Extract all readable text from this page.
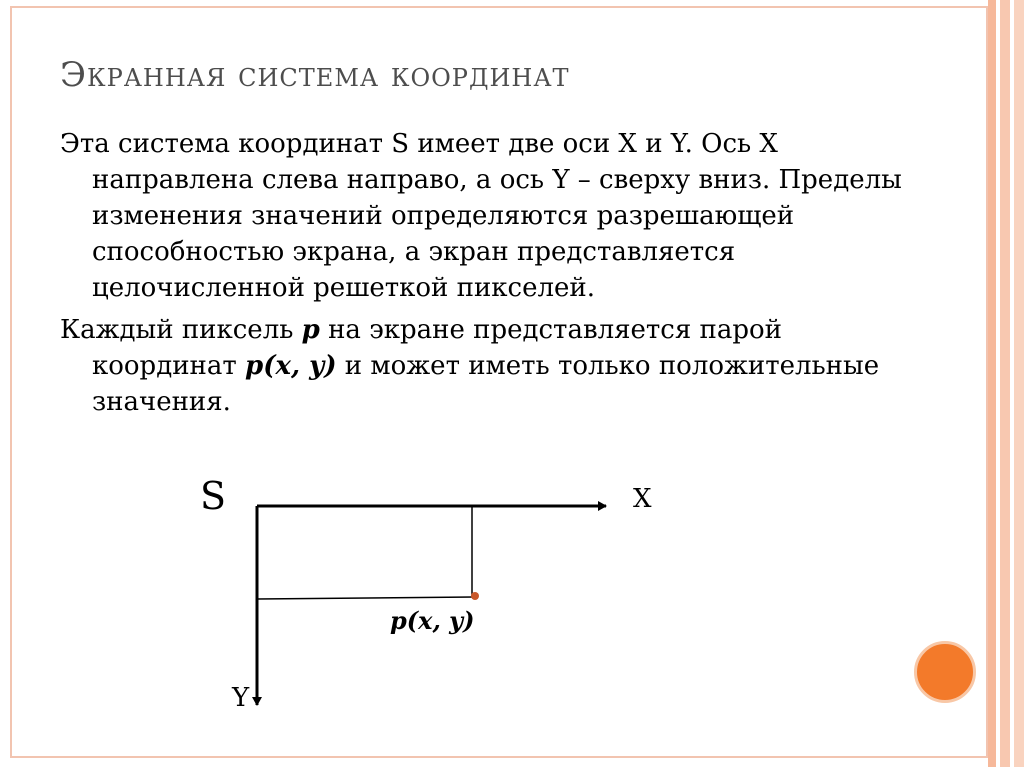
Экранная система координат

Эта система координат S имеет две оси X и Y. Ось X направлена слева направо, а ось Y – сверху вниз. Пределы изменения значений определяются разрешающей способностью экрана, а экран представляется целочисленной решеткой пикселей.

Каждый пиксель p на экране представляется парой координат p(x, y) и может иметь только положительные значения.

S	X
Y
p(x, y)
